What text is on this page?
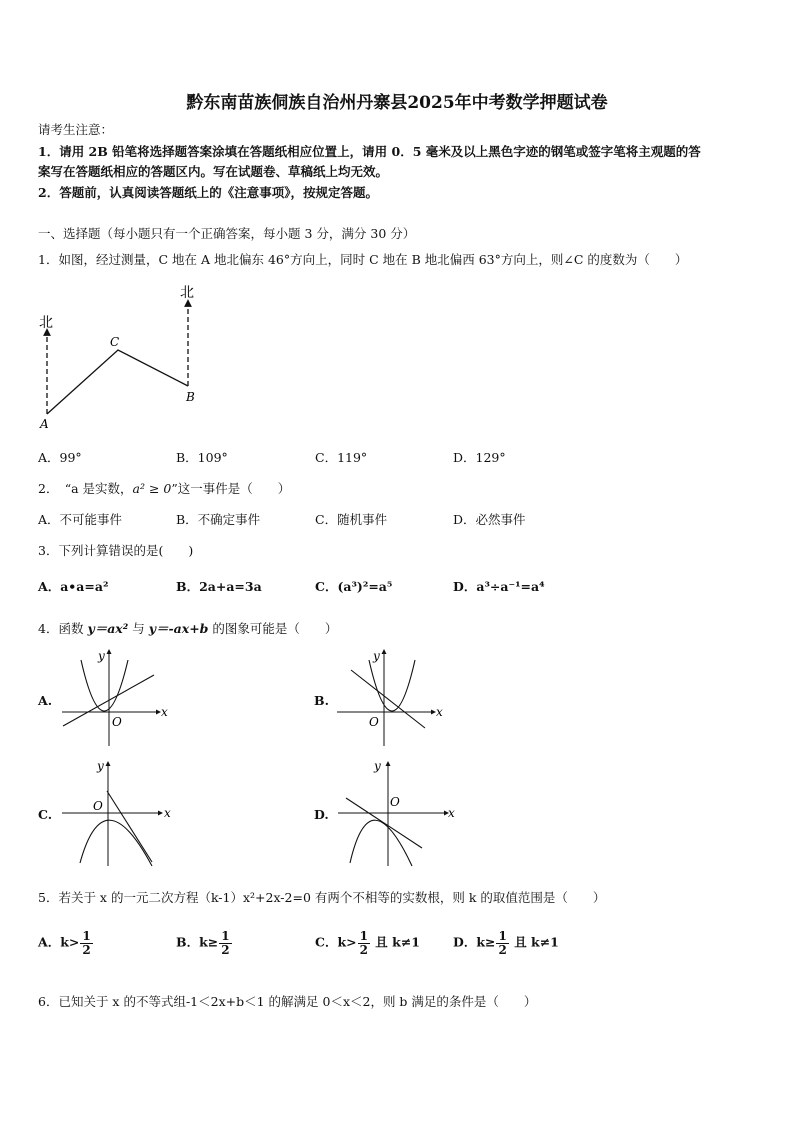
黔东南苗族侗族自治州丹寨县2025年中考数学押题试卷
请考生注意：
1．请用 2B 铅笔将选择题答案涂填在答题纸相应位置上，请用 0．5 毫米及以上黑色字迹的钢笔或签字笔将主观题的答
案写在答题纸相应的答题区内。写在试题卷、草稿纸上均无效。
2．答题前，认真阅读答题纸上的《注意事项》，按规定答题。
一、选择题（每小题只有一个正确答案，每小题 3 分，满分 30 分）
1．如图，经过测量，C 地在 A 地北偏东 46°方向上，同时 C 地在 B 地北偏西 63°方向上，则∠C 的度数为（　　）
北
北
A
C
B
A．99°	B．109°	C．119°	D．129°
2．　“a 是实数，a² ≥ 0”这一事件是（　　）
A．不可能事件	B．不确定事件	C．随机事件	D．必然事件
3．下列计算错误的是(　　)
A．a•a=a²	B．2a+a=3a	C．(a³)²=a⁵	D．a³÷a⁻¹=a⁴
4．函数 y＝ax² 与 y＝-ax+b 的图象可能是（　　）
A.	B.
C.	D.
x
y
O
x
y
O
x
y
O	x
y
O
5．若关于 x 的一元二次方程（k-1）x²+2x-2=0 有两个不相等的实数根，则 k 的取值范围是（　　）
A．$k> \frac{1}{2}$	B．$k\ge \frac{1}{2}$	C．$k> \frac{1}{2}$ 且 k≠1	D．$k\ge \frac{1}{2}$ 且 k≠1
6．已知关于 x 的不等式组-1＜2x+b＜1 的解满足 0＜x＜2，则 b 满足的条件是（　　）
